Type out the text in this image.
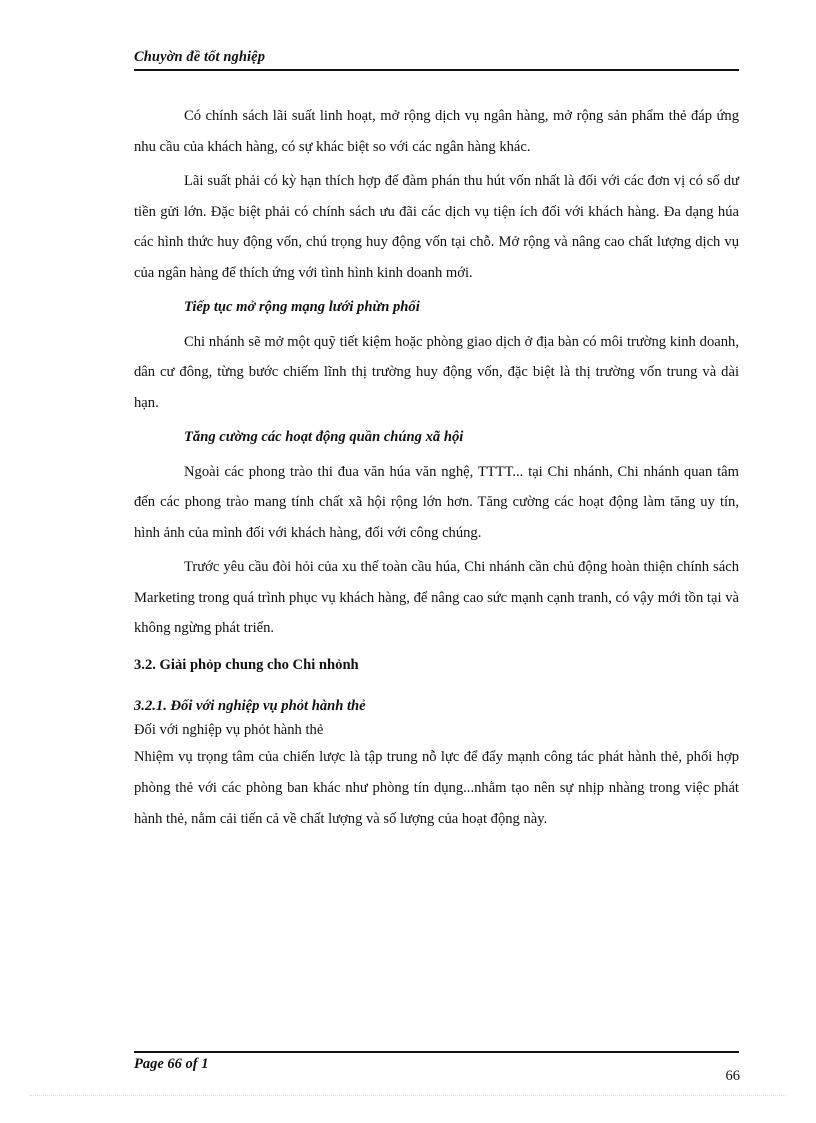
Chuyờn đề tốt nghiệp

Có chính sách lãi suất linh hoạt, mở rộng dịch vụ ngân hàng, mở rộng sản phẩm thẻ đáp ứng nhu cầu của khách hàng, có sự khác biệt so với các ngân hàng khác.

Lãi suất phải có kỳ hạn thích hợp để đàm phán thu hút vốn nhất là đối với các đơn vị có số dư tiền gửi lớn. Đặc biệt phải có chính sách ưu đãi các dịch vụ tiện ích đối với khách hàng. Đa dạng húa các hình thức huy động vốn, chú trọng huy động vốn tại chỗ. Mở rộng và nâng cao chất lượng dịch vụ của ngân hàng để thích ứng với tình hình kinh doanh mới.

Tiếp tục mở rộng mạng lưới phừn phối

Chi nhánh sẽ mở một quỹ tiết kiệm hoặc phòng giao dịch ở địa bàn có môi trường kinh doanh, dân cư đông, từng bước chiếm lĩnh thị trường huy động vốn, đặc biệt là thị trường vốn trung và dài hạn.

Tăng cường các hoạt động quần chúng xã hội

Ngoài các phong trào thi đua văn húa văn nghệ, TTTT... tại Chi nhánh, Chi nhánh quan tâm đến các phong trào mang tính chất xã hội rộng lớn hơn. Tăng cường các hoạt động làm tăng uy tín, hình ảnh của mình đối với khách hàng, đối với công chúng.

Trước yêu cầu đòi hỏi của xu thế toàn cầu húa, Chi nhánh cần chủ động hoàn thiện chính sách Marketing trong quá trình phục vụ khách hàng, để nâng cao sức mạnh cạnh tranh, có vậy mới tồn tại và không ngừng phát triển.

3.2. Giải phỏp chung cho Chi nhỏnh

3.2.1. Đối với nghiệp vụ phỏt hành thẻ

Đối với nghiệp vụ phỏt hành thẻ

Nhiệm vụ trọng tâm của chiến lược là tập trung nỗ lực để đẩy mạnh công tác phát hành thẻ, phối hợp phòng thẻ với các phòng ban khác như phòng tín dụng...nhằm tạo nên sự nhịp nhàng trong việc phát hành thẻ, nằm cải tiến cả về chất lượng và số lượng của hoạt động này.

Page 66 of 1
66
